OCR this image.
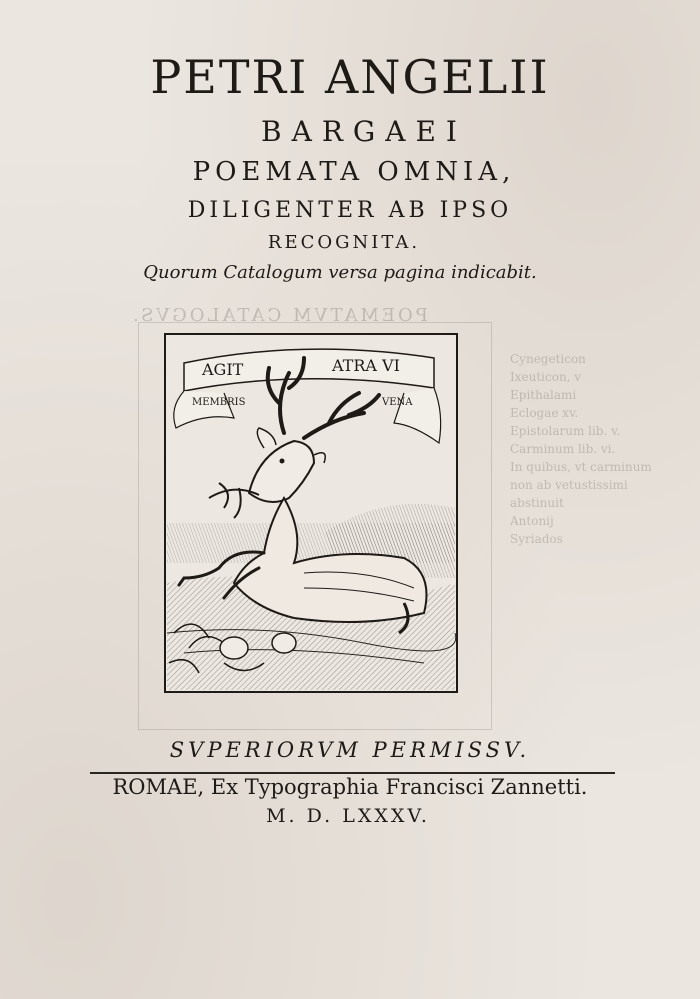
POEMATVM CATALOGVS.
Cynegeticon
Ixeuticon, v
Epithalami
Eclogae xv.
Epistolarum lib. v.
Carminum lib. vi.
In quibus, vt carminum
non ab vetustissimi
abstinuit
Antonij
Syriados
PETRI ANGELII
BARGAEI
POEMATA OMNIA,
DILIGENTER AB IPSO
RECOGNITA.
Quorum Catalogum versa pagina indicabit.
AGIT	ATRA VI
MEMBRIS	VENA
SVPERIORVM PERMISSV.
ROMAE, Ex Typographia Francisci Zannetti.
M. D. LXXXV.
